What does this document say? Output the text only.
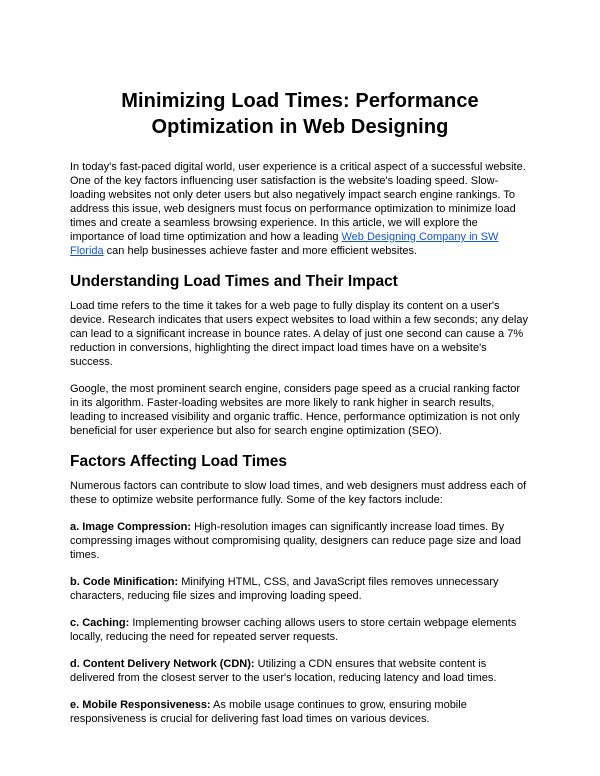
Minimizing Load Times: Performance Optimization in Web Designing

In today's fast-paced digital world, user experience is a critical aspect of a successful website. One of the key factors influencing user satisfaction is the website's loading speed. Slow-loading websites not only deter users but also negatively impact search engine rankings. To address this issue, web designers must focus on performance optimization to minimize load times and create a seamless browsing experience. In this article, we will explore the importance of load time optimization and how a leading Web Designing Company in SW Florida can help businesses achieve faster and more efficient websites.

Understanding Load Times and Their Impact

Load time refers to the time it takes for a web page to fully display its content on a user's device. Research indicates that users expect websites to load within a few seconds; any delay can lead to a significant increase in bounce rates. A delay of just one second can cause a 7% reduction in conversions, highlighting the direct impact load times have on a website's success.

Google, the most prominent search engine, considers page speed as a crucial ranking factor in its algorithm. Faster-loading websites are more likely to rank higher in search results, leading to increased visibility and organic traffic. Hence, performance optimization is not only beneficial for user experience but also for search engine optimization (SEO).

Factors Affecting Load Times

Numerous factors can contribute to slow load times, and web designers must address each of these to optimize website performance fully. Some of the key factors include:

a. Image Compression: High-resolution images can significantly increase load times. By compressing images without compromising quality, designers can reduce page size and load times.

b. Code Minification: Minifying HTML, CSS, and JavaScript files removes unnecessary characters, reducing file sizes and improving loading speed.

c. Caching: Implementing browser caching allows users to store certain webpage elements locally, reducing the need for repeated server requests.

d. Content Delivery Network (CDN): Utilizing a CDN ensures that website content is delivered from the closest server to the user's location, reducing latency and load times.

e. Mobile Responsiveness: As mobile usage continues to grow, ensuring mobile responsiveness is crucial for delivering fast load times on various devices.
